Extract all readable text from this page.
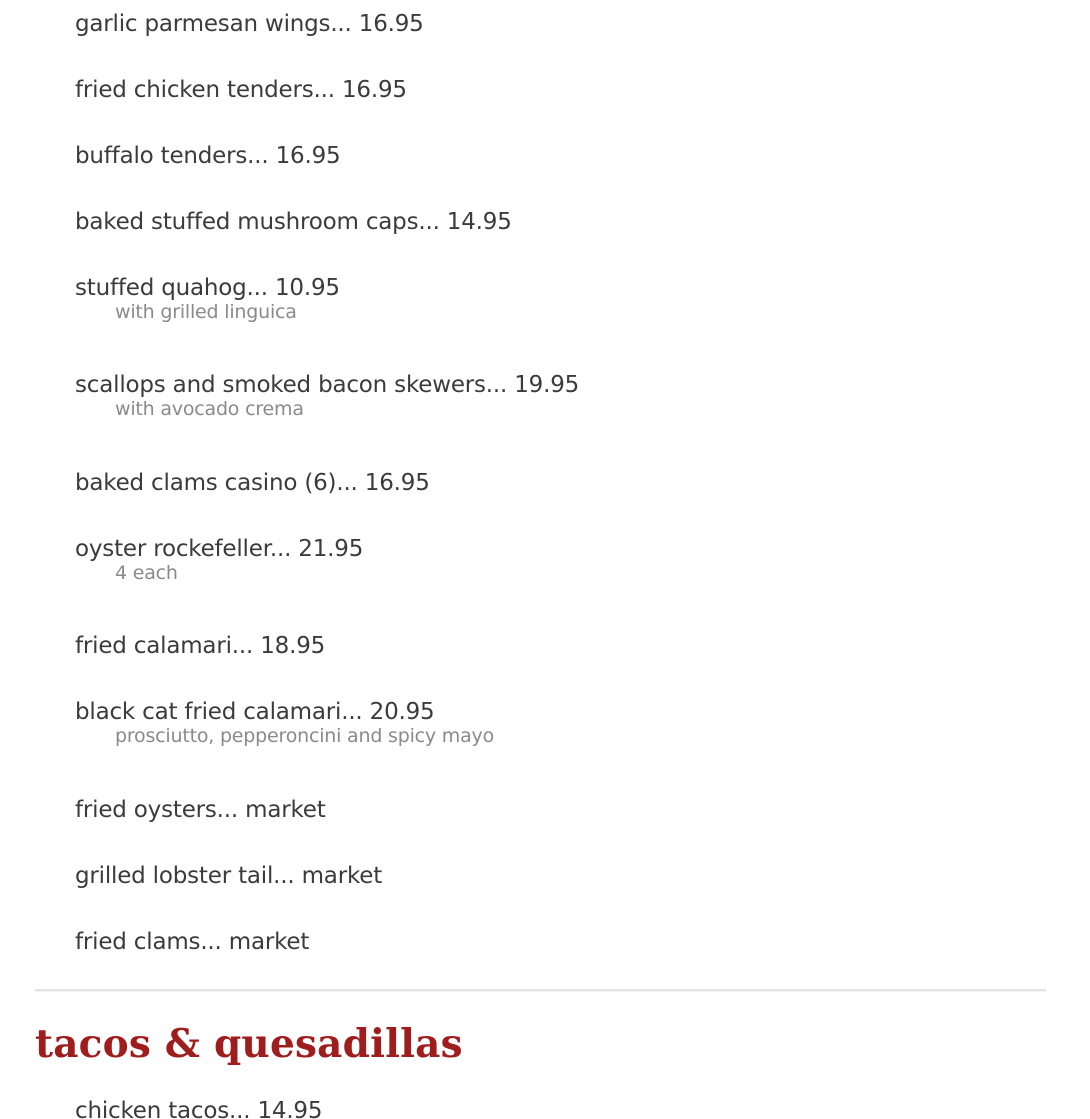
garlic parmesan wings... 16.95
fried chicken tenders... 16.95
buffalo tenders... 16.95
baked stuffed mushroom caps... 14.95
stuffed quahog... 10.95
with grilled linguica
scallops and smoked bacon skewers... 19.95
with avocado crema
baked clams casino (6)... 16.95
oyster rockefeller... 21.95
4 each
fried calamari... 18.95
black cat fried calamari... 20.95
prosciutto, pepperoncini and spicy mayo
fried oysters... market
grilled lobster tail... market
fried clams... market
tacos & quesadillas
chicken tacos... 14.95
